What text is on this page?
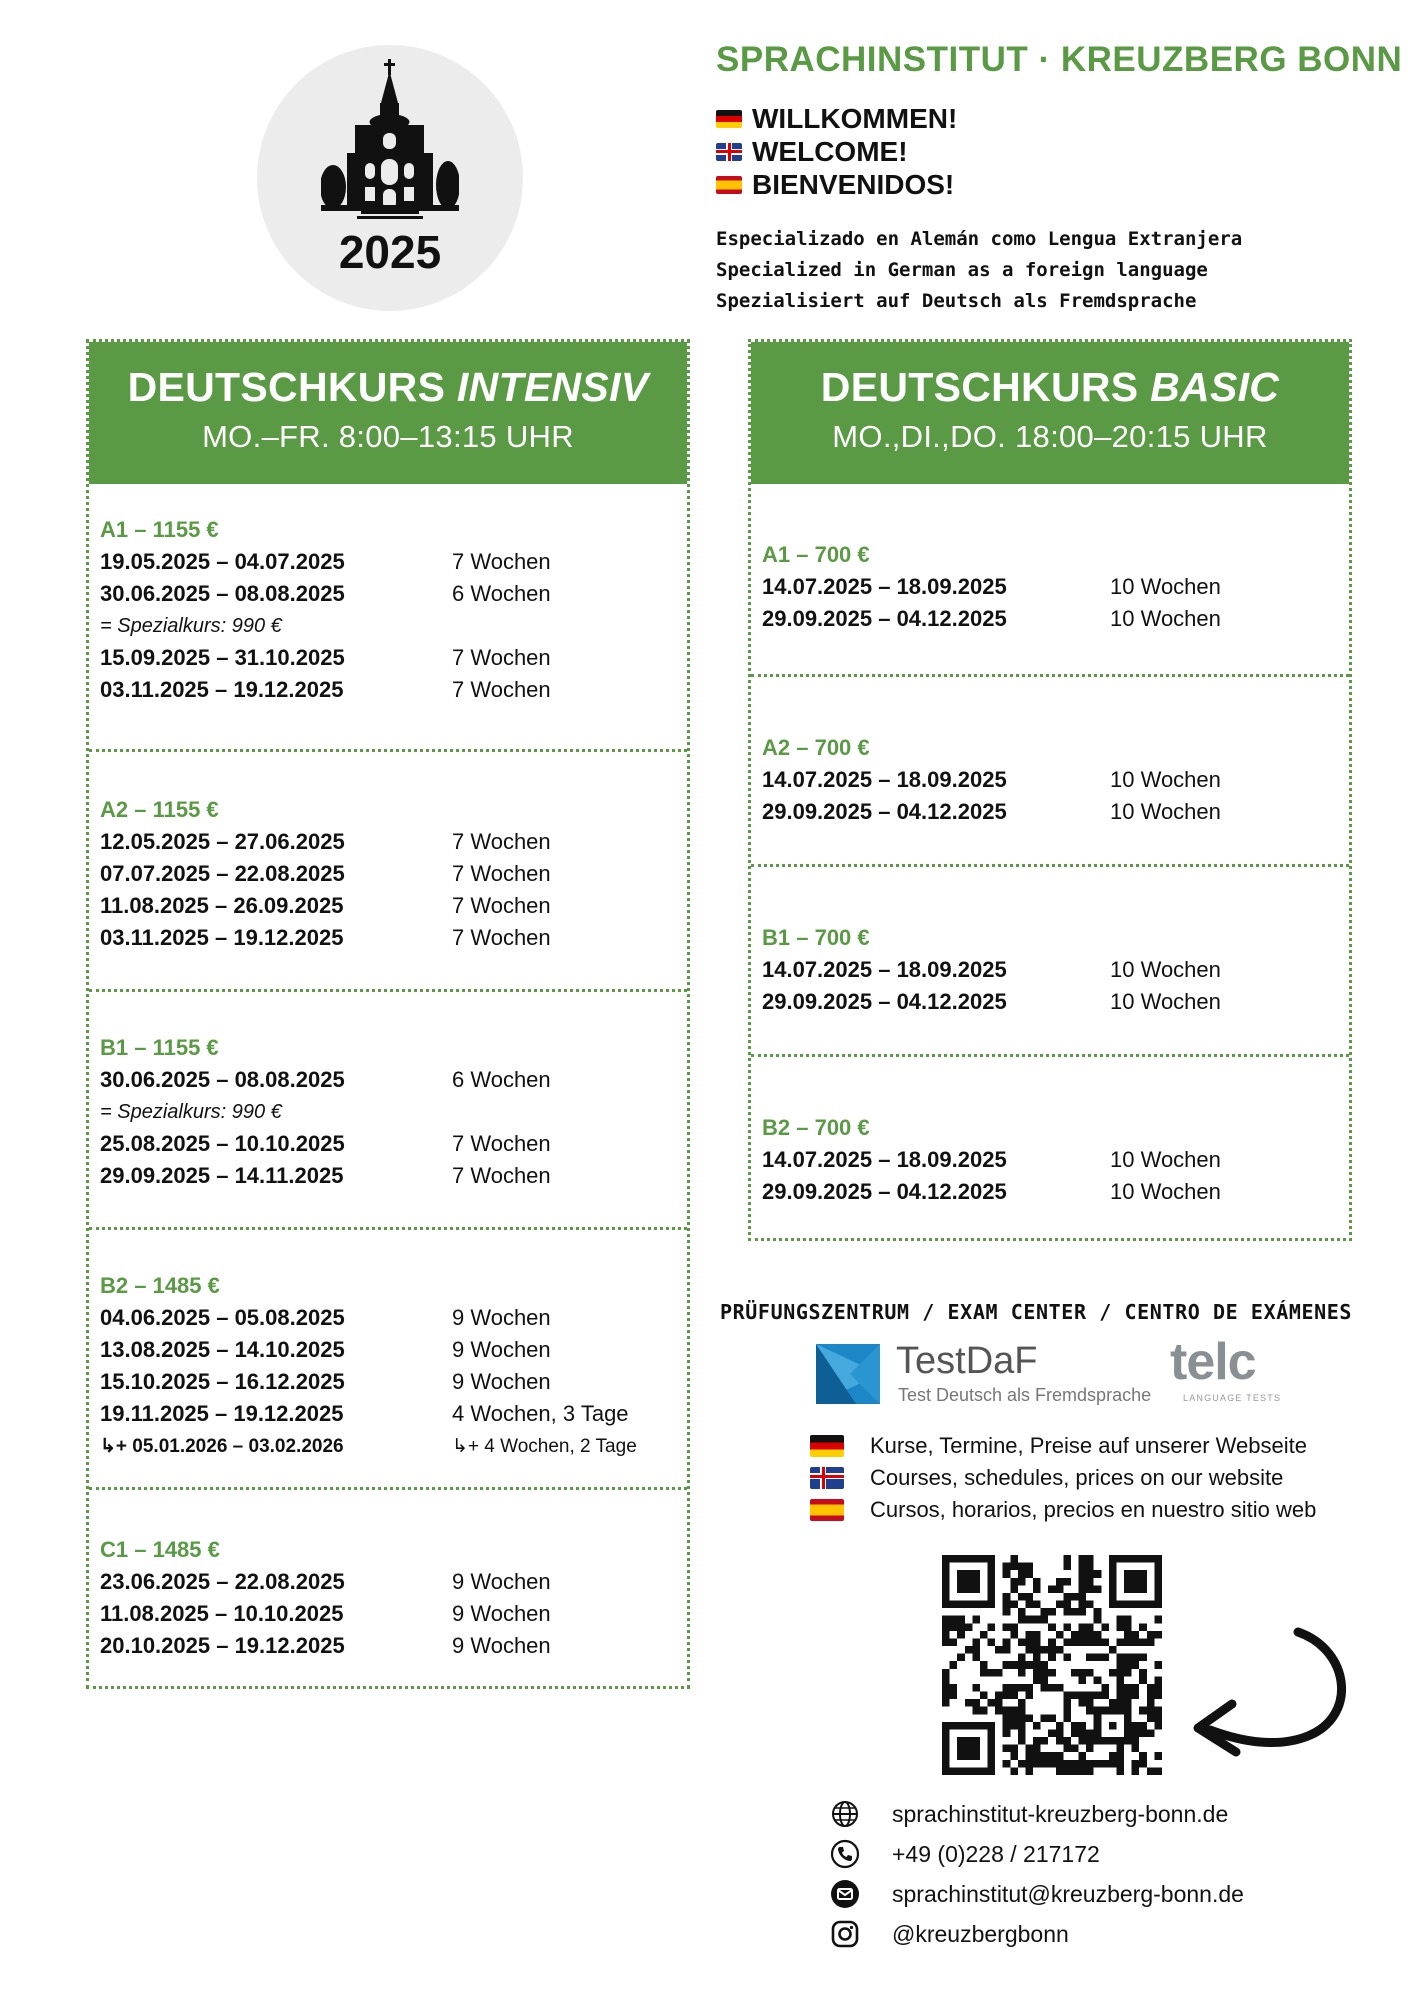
2025
SPRACHINSTITUT · KREUZBERG BONN
WILLKOMMEN!
WELCOME!
BIENVENIDOS!
Especializado en Alemán como Lengua Extranjera
Specialized in German as a foreign language
Spezialisiert auf Deutsch als Fremdsprache
DEUTSCHKURS INTENSIV
MO.–FR. 8:00–13:15 UHR
A1 – 1155 €
19.05.2025 – 04.07.2025	7 Wochen
30.06.2025 – 08.08.2025	6 Wochen
= Spezialkurs: 990 €
15.09.2025 – 31.10.2025	7 Wochen
03.11.2025 – 19.12.2025	7 Wochen
A2 – 1155 €
12.05.2025 – 27.06.2025	7 Wochen
07.07.2025 – 22.08.2025	7 Wochen
11.08.2025 – 26.09.2025	7 Wochen
03.11.2025 – 19.12.2025	7 Wochen
B1 – 1155 €
30.06.2025 – 08.08.2025	6 Wochen
= Spezialkurs: 990 €
25.08.2025 – 10.10.2025	7 Wochen
29.09.2025 – 14.11.2025	7 Wochen
B2 – 1485 €
04.06.2025 – 05.08.2025	9 Wochen
13.08.2025 – 14.10.2025	9 Wochen
15.10.2025 – 16.12.2025	9 Wochen
19.11.2025 – 19.12.2025	4 Wochen, 3 Tage
↳+ 05.01.2026 – 03.02.2026	↳+ 4 Wochen, 2 Tage
C1 – 1485 €
23.06.2025 – 22.08.2025	9 Wochen
11.08.2025 – 10.10.2025	9 Wochen
20.10.2025 – 19.12.2025	9 Wochen
DEUTSCHKURS BASIC
MO.,DI.,DO. 18:00–20:15 UHR
A1 – 700 €
14.07.2025 – 18.09.2025	10 Wochen
29.09.2025 – 04.12.2025	10 Wochen
A2 – 700 €
14.07.2025 – 18.09.2025	10 Wochen
29.09.2025 – 04.12.2025	10 Wochen
B1 – 700 €
14.07.2025 – 18.09.2025	10 Wochen
29.09.2025 – 04.12.2025	10 Wochen
B2 – 700 €
14.07.2025 – 18.09.2025	10 Wochen
29.09.2025 – 04.12.2025	10 Wochen
PRÜFUNGSZENTRUM / EXAM CENTER / CENTRO DE EXÁMENES
TestDaF
Test Deutsch als Fremdsprache
telc
LANGUAGE TESTS
Kurse, Termine, Preise auf unserer Webseite
Courses, schedules, prices on our website
Cursos, horarios, precios en nuestro sitio web
sprachinstitut-kreuzberg-bonn.de
+49 (0)228 / 217172
sprachinstitut@kreuzberg-bonn.de
@kreuzbergbonn
